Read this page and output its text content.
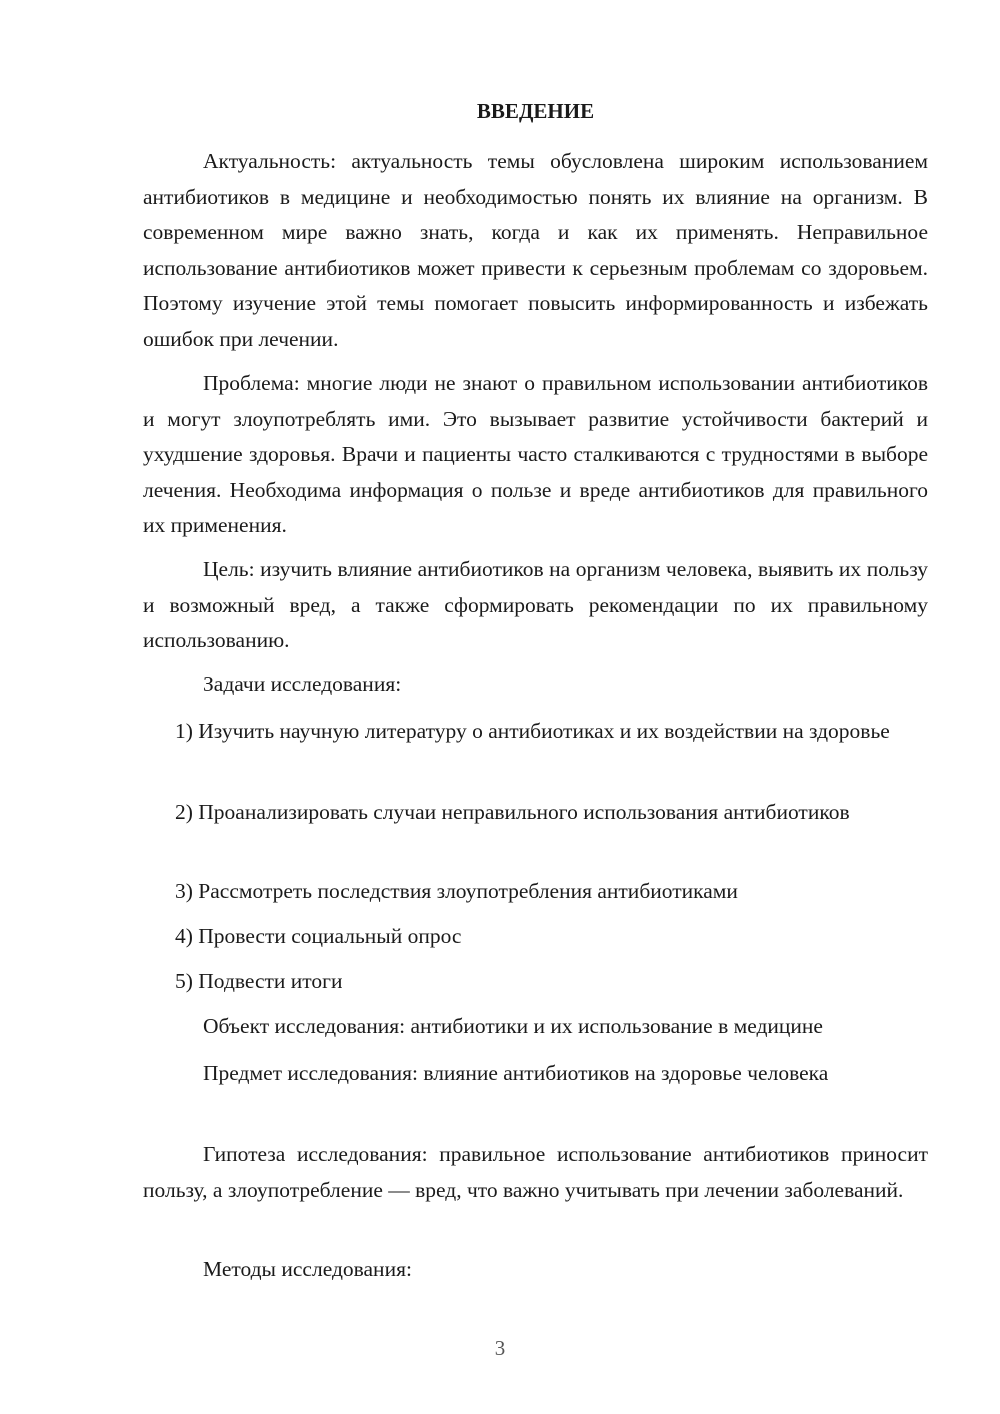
ВВЕДЕНИЕ

Актуальность: актуальность темы обусловлена широким использованием антибиотиков в медицине и необходимостью понять их влияние на организм. В современном мире важно знать, когда и как их применять. Неправильное использование антибиотиков может привести к серьезным проблемам со здоровьем. Поэтому изучение этой темы помогает повысить информированность и избежать ошибок при лечении.

Проблема: многие люди не знают о правильном использовании антибиотиков и могут злоупотреблять ими. Это вызывает развитие устойчивости бактерий и ухудшение здоровья. Врачи и пациенты часто сталкиваются с трудностями в выборе лечения. Необходима информация о пользе и вреде антибиотиков для правильного их применения.

Цель: изучить влияние антибиотиков на организм человека, выявить их пользу и возможный вред, а также сформировать рекомендации по их правильному использованию.

Задачи исследования:

1) Изучить научную литературу о антибиотиках и их воздействии на здоровье

2) Проанализировать случаи неправильного использования антибиотиков

3) Рассмотреть последствия злоупотребления антибиотиками

4) Провести социальный опрос

5) Подвести итоги

Объект исследования: антибиотики и их использование в медицине

Предмет исследования: влияние антибиотиков на здоровье человека

Гипотеза исследования: правильное использование антибиотиков приносит пользу, а злоупотребление — вред, что важно учитывать при лечении заболеваний.

Методы исследования:

3
